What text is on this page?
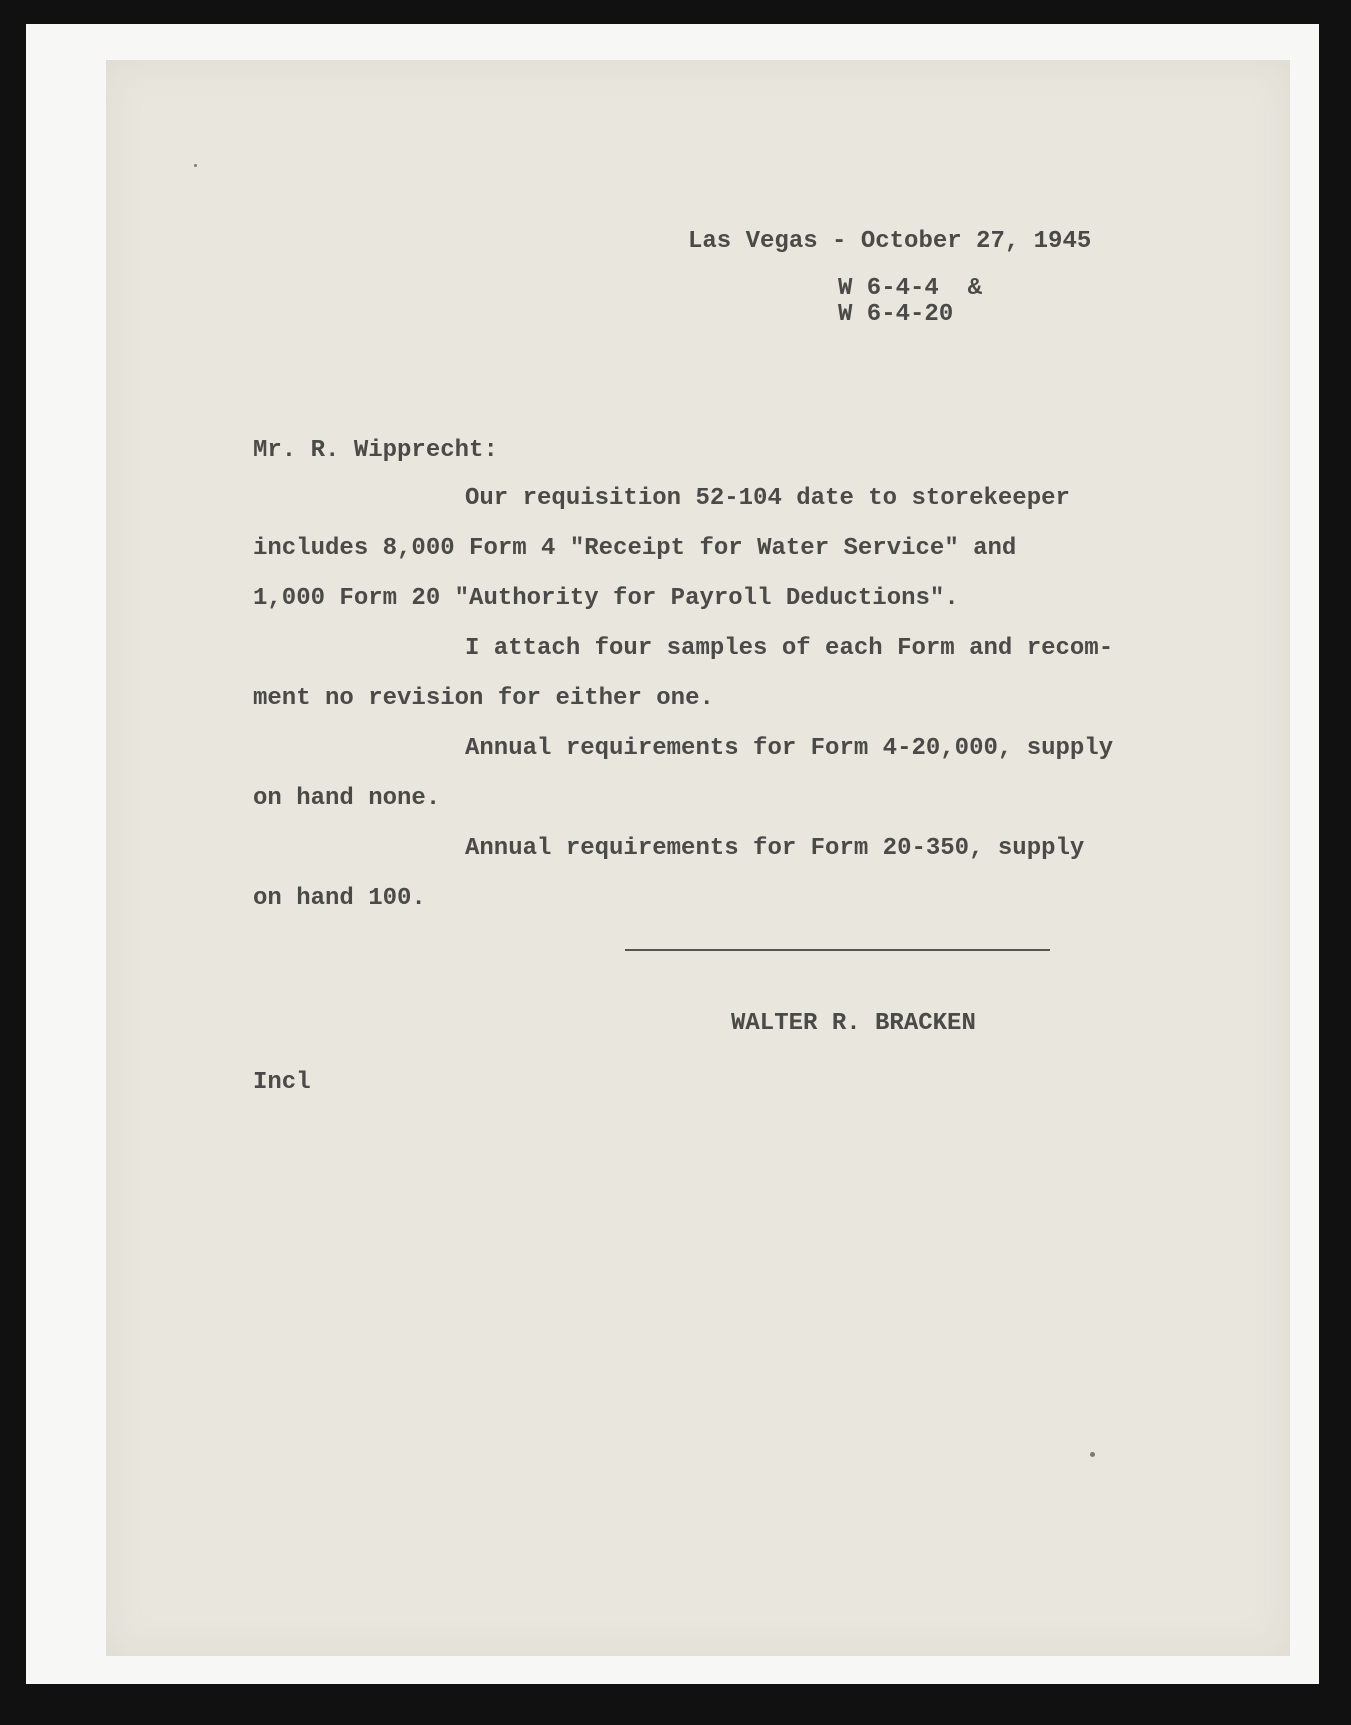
Las Vegas - October 27, 1945

W 6-4-4  &

W 6-4-20

Mr. R. Wipprecht:

Our requisition 52-104 date to storekeeper

includes 8,000 Form 4 "Receipt for Water Service" and

1,000 Form 20 "Authority for Payroll Deductions".

I attach four samples of each Form and recom-

ment no revision for either one.

Annual requirements for Form 4-20,000, supply

on hand none.

Annual requirements for Form 20-350, supply

on hand 100.

WALTER R. BRACKEN

Incl
